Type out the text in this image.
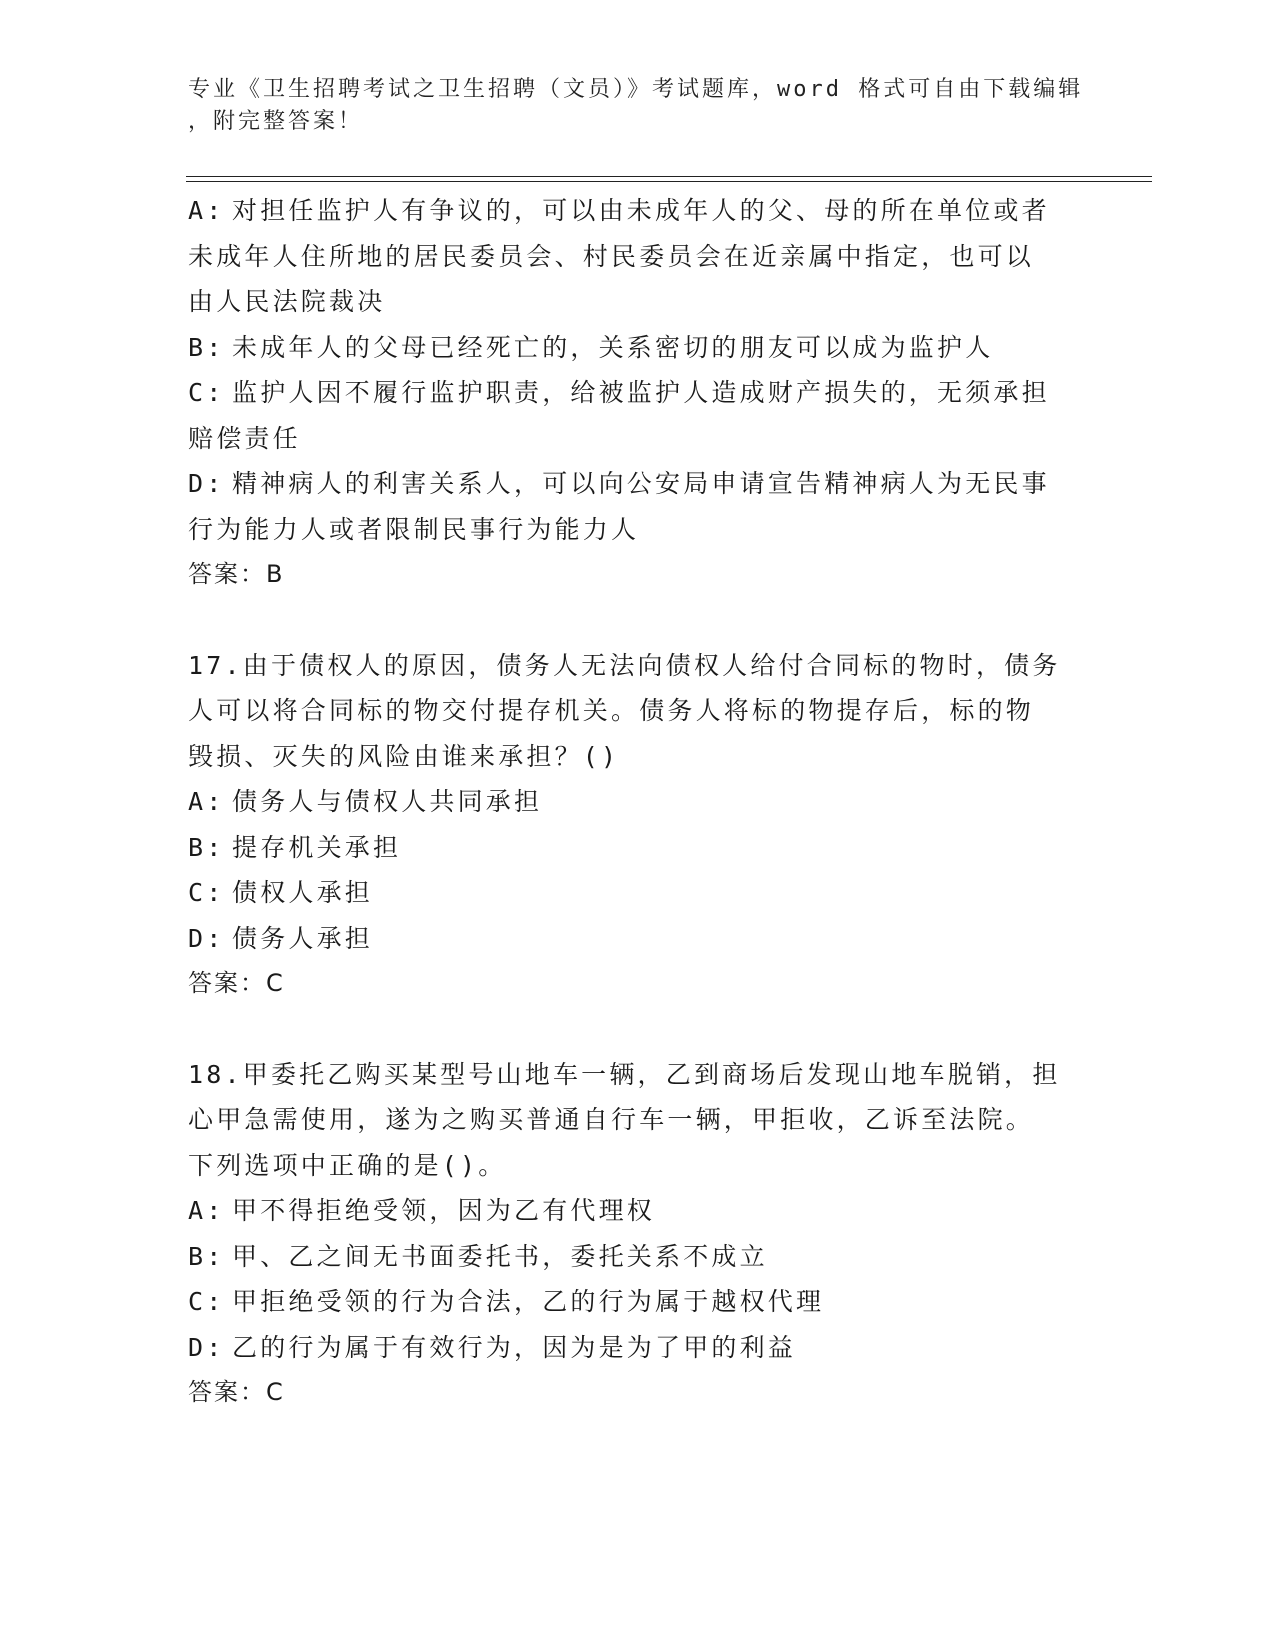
专业《卫生招聘考试之卫生招聘（文员）》考试题库，word 格式可自由下载编辑
，附完整答案！
A: 对担任监护人有争议的，可以由未成年人的父、母的所在单位或者
未成年人住所地的居民委员会、村民委员会在近亲属中指定，也可以
由人民法院裁决
B: 未成年人的父母已经死亡的，关系密切的朋友可以成为监护人
C: 监护人因不履行监护职责，给被监护人造成财产损失的，无须承担
赔偿责任
D: 精神病人的利害关系人，可以向公安局申请宣告精神病人为无民事
行为能力人或者限制民事行为能力人
答案：B
17.由于债权人的原因，债务人无法向债权人给付合同标的物时，债务
人可以将合同标的物交付提存机关。债务人将标的物提存后，标的物
毁损、灭失的风险由谁来承担？()
A: 债务人与债权人共同承担
B: 提存机关承担
C: 债权人承担
D: 债务人承担
答案：C
18.甲委托乙购买某型号山地车一辆，乙到商场后发现山地车脱销，担
心甲急需使用，遂为之购买普通自行车一辆，甲拒收，乙诉至法院。
下列选项中正确的是()。
A: 甲不得拒绝受领，因为乙有代理权
B: 甲、乙之间无书面委托书，委托关系不成立
C: 甲拒绝受领的行为合法，乙的行为属于越权代理
D: 乙的行为属于有效行为，因为是为了甲的利益
答案：C
